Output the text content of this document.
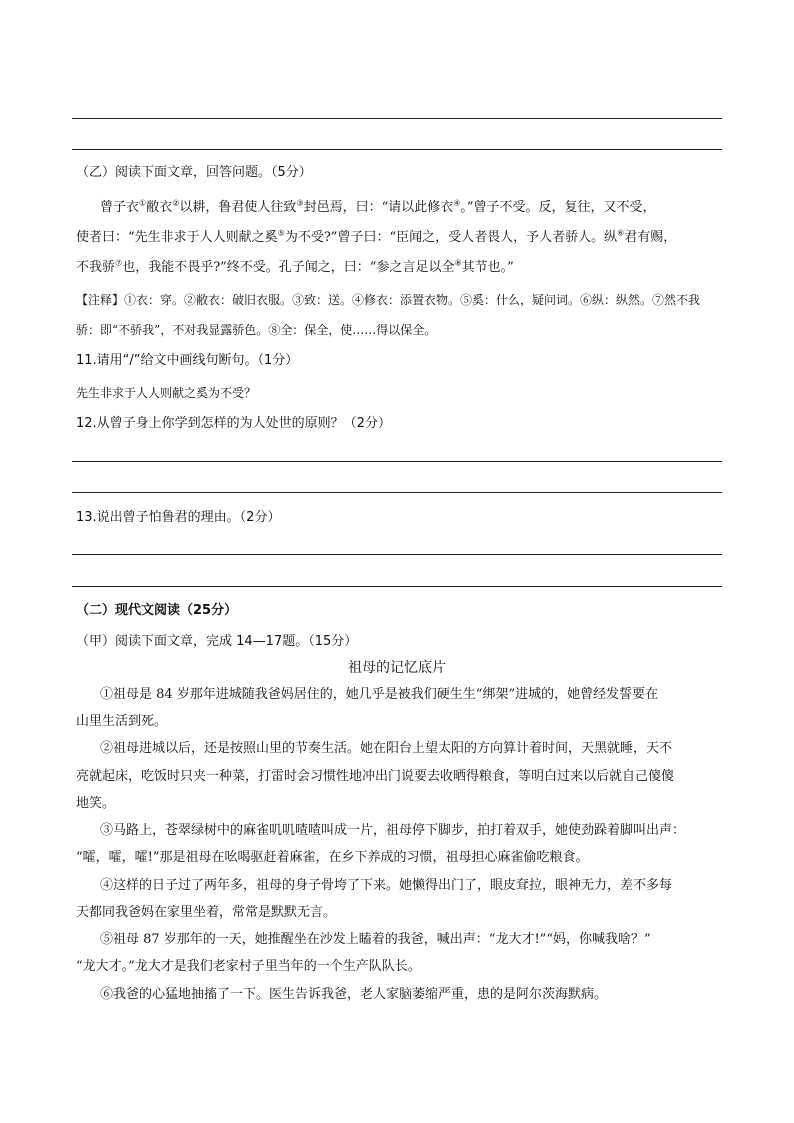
（乙）阅读下面文章，回答问题。（5分）
曾子衣①敝衣②以耕，鲁君使人往致③封邑焉，曰：“请以此修衣④。”曾子不受。反，复往，又不受，
使者曰：“先生非求于人人则献之奚⑤为不受?”曾子曰：“臣闻之，受人者畏人，予人者骄人。纵⑥君有赐，
不我骄⑦也，我能不畏乎?”终不受。孔子闻之，曰：“参之言足以全⑧其节也。”
【注释】①衣：穿。②敝衣：破旧衣服。③致：送。④修衣：添置衣物。⑤奚：什么，疑问词。⑥纵：纵然。⑦然不我
骄：即“不骄我”，不对我显露骄色。⑧全：保全，使……得以保全。
11.请用“/”给文中画线句断句。（1分）
先生非求于人人则献之奚为不受？
12.从曾子身上你学到怎样的为人处世的原则？（2分）
13.说出曾子怕鲁君的理由。（2分）
（二）现代文阅读（25分）
（甲）阅读下面文章，完成 14—17题。（15分）
祖母的记忆底片
①祖母是 84 岁那年进城随我爸妈居住的，她几乎是被我们硬生生“绑架”进城的，她曾经发誓要在
山里生活到死。
②祖母进城以后，还是按照山里的节奏生活。她在阳台上望太阳的方向算计着时间，天黑就睡，天不
亮就起床，吃饭时只夹一种菜，打雷时会习惯性地冲出门说要去收晒得粮食，等明白过来以后就自己傻傻
地笑。
③马路上，苍翠绿树中的麻雀叽叽喳喳叫成一片，祖母停下脚步，拍打着双手，她使劲跺着脚叫出声：
“嚯，嚯，嚯!”那是祖母在吆喝驱赶着麻雀，在乡下养成的习惯，祖母担心麻雀偷吃粮食。
④这样的日子过了两年多，祖母的身子骨垮了下来。她懒得出门了，眼皮耷拉，眼神无力，差不多每
天都同我爸妈在家里坐着，常常是默默无言。
⑤祖母 87 岁那年的一天，她推醒坐在沙发上瞌着的我爸，喊出声：“龙大才!”“妈，你喊我啥？”
“龙大才。”龙大才是我们老家村子里当年的一个生产队队长。
⑥我爸的心猛地抽搐了一下。医生告诉我爸，老人家脑萎缩严重，患的是阿尔茨海默病。
